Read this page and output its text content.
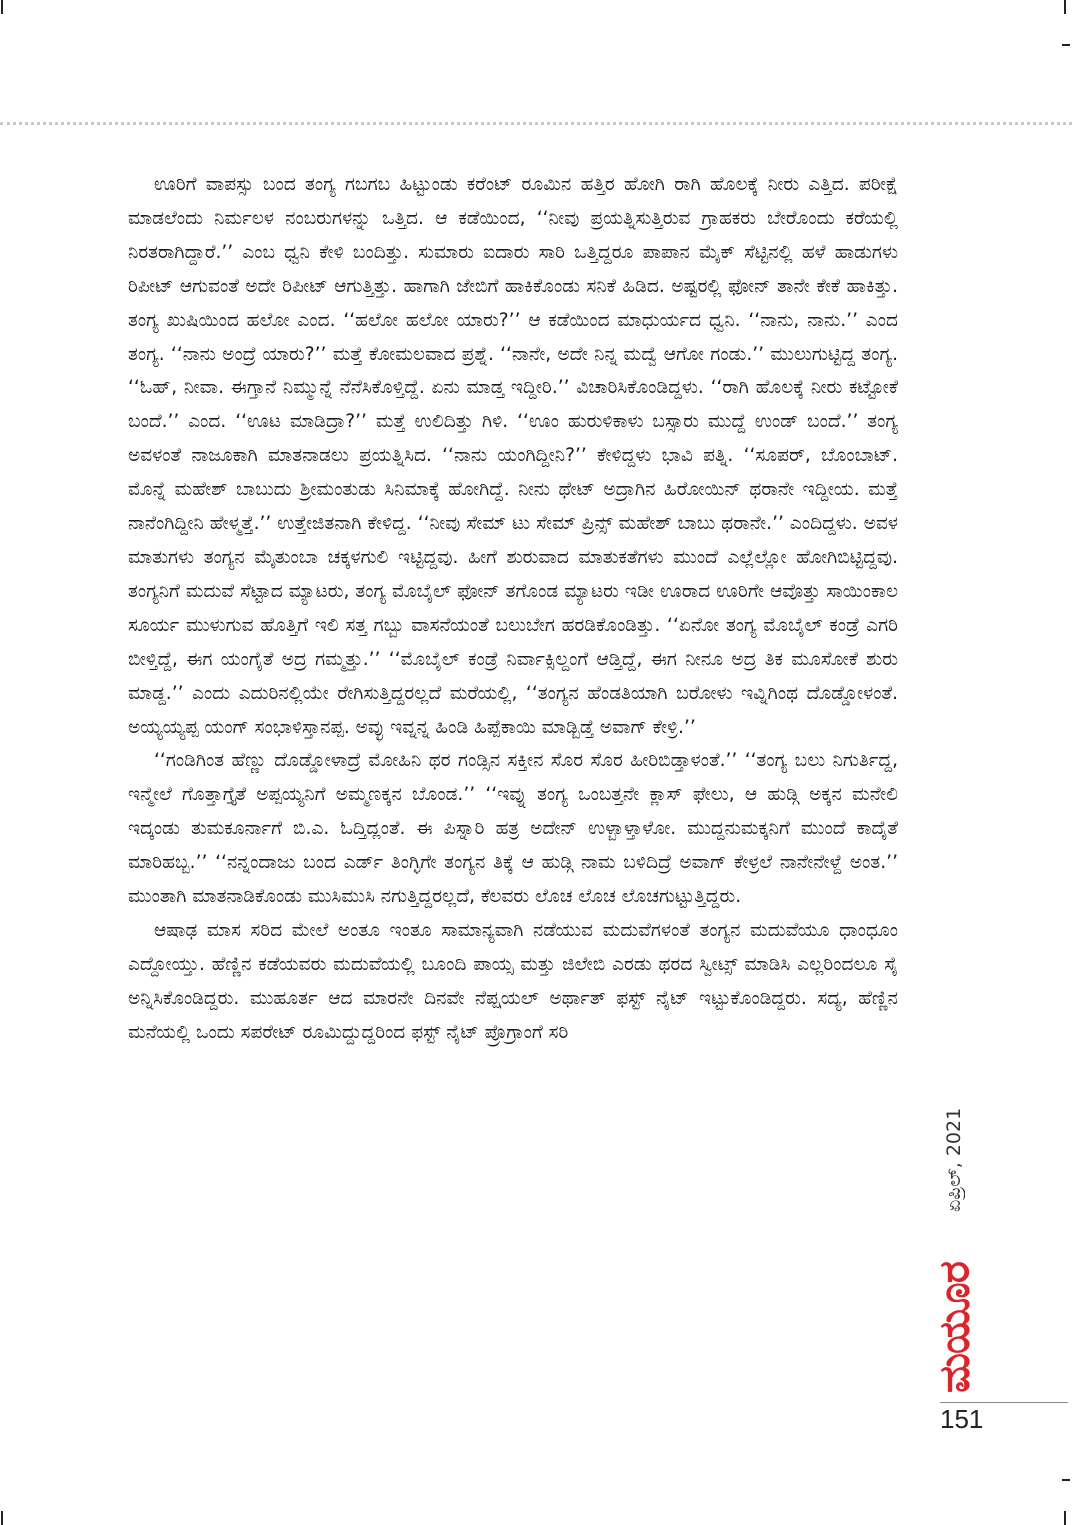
ಊರಿಗೆ ವಾಪಸ್ಸು ಬಂದ ತಂಗ್ಯ ಗಬಗಬ ಹಿಟ್ಟುಂಡು ಕರೆಂಟ್ ರೂಮಿನ ಹತ್ತಿರ ಹೋಗಿ ರಾಗಿ ಹೊಲಕ್ಕೆ ನೀರು ಎತ್ತಿದ. ಪರೀಕ್ಷೆ ಮಾಡಲೆಂದು ನಿರ್ಮಲಳ ನಂಬರುಗಳನ್ನು ಒತ್ತಿದ. ಆ ಕಡೆಯಿಂದ, ‘‘ನೀವು ಪ್ರಯತ್ನಿಸುತ್ತಿರುವ ಗ್ರಾಹಕರು ಬೇರೊಂದು ಕರೆಯಲ್ಲಿ ನಿರತರಾಗಿದ್ದಾರೆ.’’ ಎಂಬ ಧ್ವನಿ ಕೇಳಿ ಬಂದಿತ್ತು. ಸುಮಾರು ಐದಾರು ಸಾರಿ ಒತ್ತಿದ್ದರೂ ಪಾಪಾನ ಮೈಕ್ ಸೆಟ್ಟಿನಲ್ಲಿ ಹಳೆ ಹಾಡುಗಳು ರಿಪೀಟ್ ಆಗುವಂತೆ ಅದೇ ರಿಪೀಟ್ ಆಗುತ್ತಿತ್ತು. ಹಾಗಾಗಿ ಜೇಬಿಗೆ ಹಾಕಿಕೊಂಡು ಸನಿಕೆ ಹಿಡಿದ. ಅಷ್ಟರಲ್ಲಿ ಫೋನ್ ತಾನೇ ಕೇಕೆ ಹಾಕಿತ್ತು. ತಂಗ್ಯ ಖುಷಿಯಿಂದ ಹಲೋ ಎಂದ. ‘‘ಹಲೋ ಹಲೋ ಯಾರು?’’ ಆ ಕಡೆಯಿಂದ ಮಾಧುರ್ಯದ ಧ್ವನಿ. ‘‘ನಾನು, ನಾನು.’’ ಎಂದ ತಂಗ್ಯ. ‘‘ನಾನು ಅಂದ್ರೆ ಯಾರು?’’ ಮತ್ತೆ ಕೋಮಲವಾದ ಪ್ರಶ್ನೆ. ‘‘ನಾನೇ, ಅದೇ ನಿನ್ನ ಮದ್ವೆ ಆಗೋ ಗಂಡು.’’ ಮುಲುಗುಟ್ಟಿದ್ದ ತಂಗ್ಯ. ‘‘ಓಹ್, ನೀವಾ. ಈಗ್ತಾನೆ ನಿಮ್ಮುನ್ನೆ ನೆನೆಸಿಕೊಳ್ತಿದ್ದೆ. ಏನು ಮಾಡ್ತ ಇದ್ದೀರಿ.’’ ವಿಚಾರಿಸಿಕೊಂಡಿದ್ದಳು. ‘‘ರಾಗಿ ಹೊಲಕ್ಕೆ ನೀರು ಕಟ್ಟೋಕೆ ಬಂದೆ.’’ ಎಂದ. ‘‘ಊಟ ಮಾಡಿದ್ರಾ?’’ ಮತ್ತೆ ಉಲಿದಿತ್ತು ಗಿಳಿ. ‘‘ಊಂ ಹುರುಳಿಕಾಳು ಬಸ್ಸಾರು ಮುದ್ದೆ ಉಂಡ್ ಬಂದೆ.’’ ತಂಗ್ಯ ಅವಳಂತೆ ನಾಜೂಕಾಗಿ ಮಾತನಾಡಲು ಪ್ರಯತ್ನಿಸಿದ. ‘‘ನಾನು ಯಂಗಿದ್ದೀನಿ?’’ ಕೇಳಿದ್ದಳು ಭಾವಿ ಪತ್ನಿ. ‘‘ಸೂಪರ್, ಬೊಂಬಾಟ್. ಮೊನ್ನೆ ಮಹೇಶ್ ಬಾಬುದು ಶ್ರೀಮಂತುಡು ಸಿನಿಮಾಕ್ಕೆ ಹೋಗಿದ್ದೆ. ನೀನು ಥೇಟ್ ಅದ್ರಾಗಿನ ಹಿರೋಯಿನ್ ಥರಾನೇ ಇದ್ದೀಯ. ಮತ್ತೆ ನಾನೆಂಗಿದ್ದೀನಿ ಹೇಳ್ಮತ್ತೆ.’’ ಉತ್ತೇಜಿತನಾಗಿ ಕೇಳಿದ್ದ. ‘‘ನೀವು ಸೇಮ್ ಟು ಸೇಮ್ ಪ್ರಿನ್ಸ್ ಮಹೇಶ್ ಬಾಬು ಥರಾನೇ.’’ ಎಂದಿದ್ದಳು. ಅವಳ ಮಾತುಗಳು ತಂಗ್ಯನ ಮೈತುಂಬಾ ಚಕ್ಕಳಗುಲಿ ಇಟ್ಟಿದ್ದವು. ಹೀಗೆ ಶುರುವಾದ ಮಾತುಕತೆಗಳು ಮುಂದೆ ಎಲ್ಲೆಲ್ಲೋ ಹೋಗಿಬಿಟ್ಟಿದ್ದವು. ತಂಗ್ಯನಿಗೆ ಮದುವೆ ಸೆಟ್ಟಾದ ಮ್ಯಾಟರು, ತಂಗ್ಯ ಮೊಬೈಲ್ ಫೋನ್ ತಗೊಂಡ ಮ್ಯಾಟರು ಇಡೀ ಊರಾದ ಊರಿಗೇ ಆವೊತ್ತು ಸಾಯಿಂಕಾಲ ಸೂರ್ಯ ಮುಳುಗುವ ಹೊತ್ತಿಗೆ ಇಲಿ ಸತ್ತ ಗಬ್ಬು ವಾಸನೆಯಂತೆ ಬಲುಬೇಗ ಹರಡಿಕೊಂಡಿತ್ತು. ‘‘ಏನೋ ತಂಗ್ಯ ಮೊಬೈಲ್ ಕಂಡ್ರೆ ಎಗರಿ ಬೀಳ್ತಿದ್ದೆ, ಈಗ ಯಂಗೈತೆ ಅದ್ರ ಗಮ್ಮತ್ತು.’’ ‘‘ಮೊಬೈಲ್ ಕಂಡ್ರೆ ನಿರ್ವಾಕ್ಸಿಲ್ದಂಗೆ ಆಡ್ತಿದ್ದೆ, ಈಗ ನೀನೂ ಅದ್ರ ತಿಕ ಮೂಸೋಕೆ ಶುರು ಮಾಡ್ದ.’’ ಎಂದು ಎದುರಿನಲ್ಲಿಯೇ ರೇಗಿಸುತ್ತಿದ್ದರಲ್ಲದೆ ಮರೆಯಲ್ಲಿ, ‘‘ತಂಗ್ಯನ ಹೆಂಡತಿಯಾಗಿ ಬರೋಳು ಇವ್ನಿಗಿಂಥ ದೊಡ್ಡೋಳಂತೆ. ಅಯ್ಯಯ್ಯಪ್ಪ ಯಂಗ್ ಸಂಭಾಳಿಸ್ತಾನಪ್ಪ. ಅವ್ಳು ಇವ್ನನ್ನ ಹಿಂಡಿ ಹಿಪ್ಪೆಕಾಯಿ ಮಾಡ್ಬಿಡ್ತೆ ಅವಾಗ್ ಕೇಳ್ರಿ.’’

‘‘ಗಂಡಿಗಿಂತ ಹೆಣ್ಣು ದೊಡ್ಡೋಳಾದ್ರೆ ಮೋಹಿನಿ ಥರ ಗಂಡ್ಸಿನ ಸಕ್ತೀನ ಸೊರ ಸೊರ ಹೀರಿಬಿಡ್ತಾಳಂತೆ.’’ ‘‘ತಂಗ್ಯ ಬಲು ನಿಗುರ್ತಿದ್ದ, ಇನ್ಮೇಲೆ ಗೊತ್ತಾಗ್ತೈತೆ ಅಪ್ಪಯ್ಯನಿಗೆ ಅಮ್ಮಣಕ್ಕನ ಬೊಂಡ.’’ ‘‘ಇವ್ನು ತಂಗ್ಯ ಒಂಬತ್ತನೇ ಕ್ಲಾಸ್ ಫೇಲು, ಆ ಹುಡ್ಗಿ ಅಕ್ಕನ ಮನೇಲಿ ಇದ್ಕಂಡು ತುಮಕೂರ್ನಾಗೆ ಬಿ.ಎ. ಓದ್ತಿದ್ಲಂತೆ. ಈ ಪಿಸ್ನಾರಿ ಹತ್ರ ಅದೇನ್ ಉಳ್ಬಾಳ್ತಾಳೋ. ಮುದ್ದನುಮಕ್ಕನಿಗೆ ಮುಂದೆ ಕಾದೈತೆ ಮಾರಿಹಬ್ಬ.’’ ‘‘ನನ್ನಂದಾಜು ಬಂದ ಎರ್ಡ್ ತಿಂಗ್ಳಿಗೇ ತಂಗ್ಯನ ತಿಕ್ಕೆ ಆ ಹುಡ್ಗಿ ನಾಮ ಬಳಿದಿದ್ರೆ ಅವಾಗ್ ಕೇಳ್ರಲೆ ನಾನೇನೇಳ್ದೆ ಅಂತ.’’ ಮುಂತಾಗಿ ಮಾತನಾಡಿಕೊಂಡು ಮುಸಿಮುಸಿ ನಗುತ್ತಿದ್ದರಲ್ಲದೆ, ಕೆಲವರು ಲೊಚ ಲೊಚ ಲೊಚಗುಟ್ಟುತ್ತಿದ್ದರು.

ಆಷಾಢ ಮಾಸ ಸರಿದ ಮೇಲೆ ಅಂತೂ ಇಂತೂ ಸಾಮಾನ್ಯವಾಗಿ ನಡೆಯುವ ಮದುವೆಗಳಂತೆ ತಂಗ್ಯನ ಮದುವೆಯೂ ಧಾಂಧೂಂ ಎದ್ದೋಯ್ತು. ಹೆಣ್ಣಿನ ಕಡೆಯವರು ಮದುವೆಯಲ್ಲಿ ಬೂಂದಿ ಪಾಯ್ಸ ಮತ್ತು ಜಿಲೇಬಿ ಎರಡು ಥರದ ಸ್ವೀಟ್ಸ್ ಮಾಡಿಸಿ ಎಲ್ಲರಿಂದಲೂ ಸೈ ಅನ್ನಿಸಿಕೊಂಡಿದ್ದರು. ಮುಹೂರ್ತ ಆದ ಮಾರನೇ ದಿನವೇ ನೆಪ್ಷಯಲ್ ಅರ್ಥಾತ್ ಫಸ್ಟ್ ನೈಟ್ ಇಟ್ಟುಕೊಂಡಿದ್ದರು. ಸದ್ಯ, ಹೆಣ್ಣಿನ ಮನೆಯಲ್ಲಿ ಒಂದು ಸಪರೇಟ್ ರೂಮಿದ್ದುದ್ದರಿಂದ ಫಸ್ಟ್ ನೈಟ್ ಪ್ರೊಗ್ರಾಂಗೆ ಸರಿ

ಏಪ್ರಿಲ್, 2021
ಮಯೂರ
151
